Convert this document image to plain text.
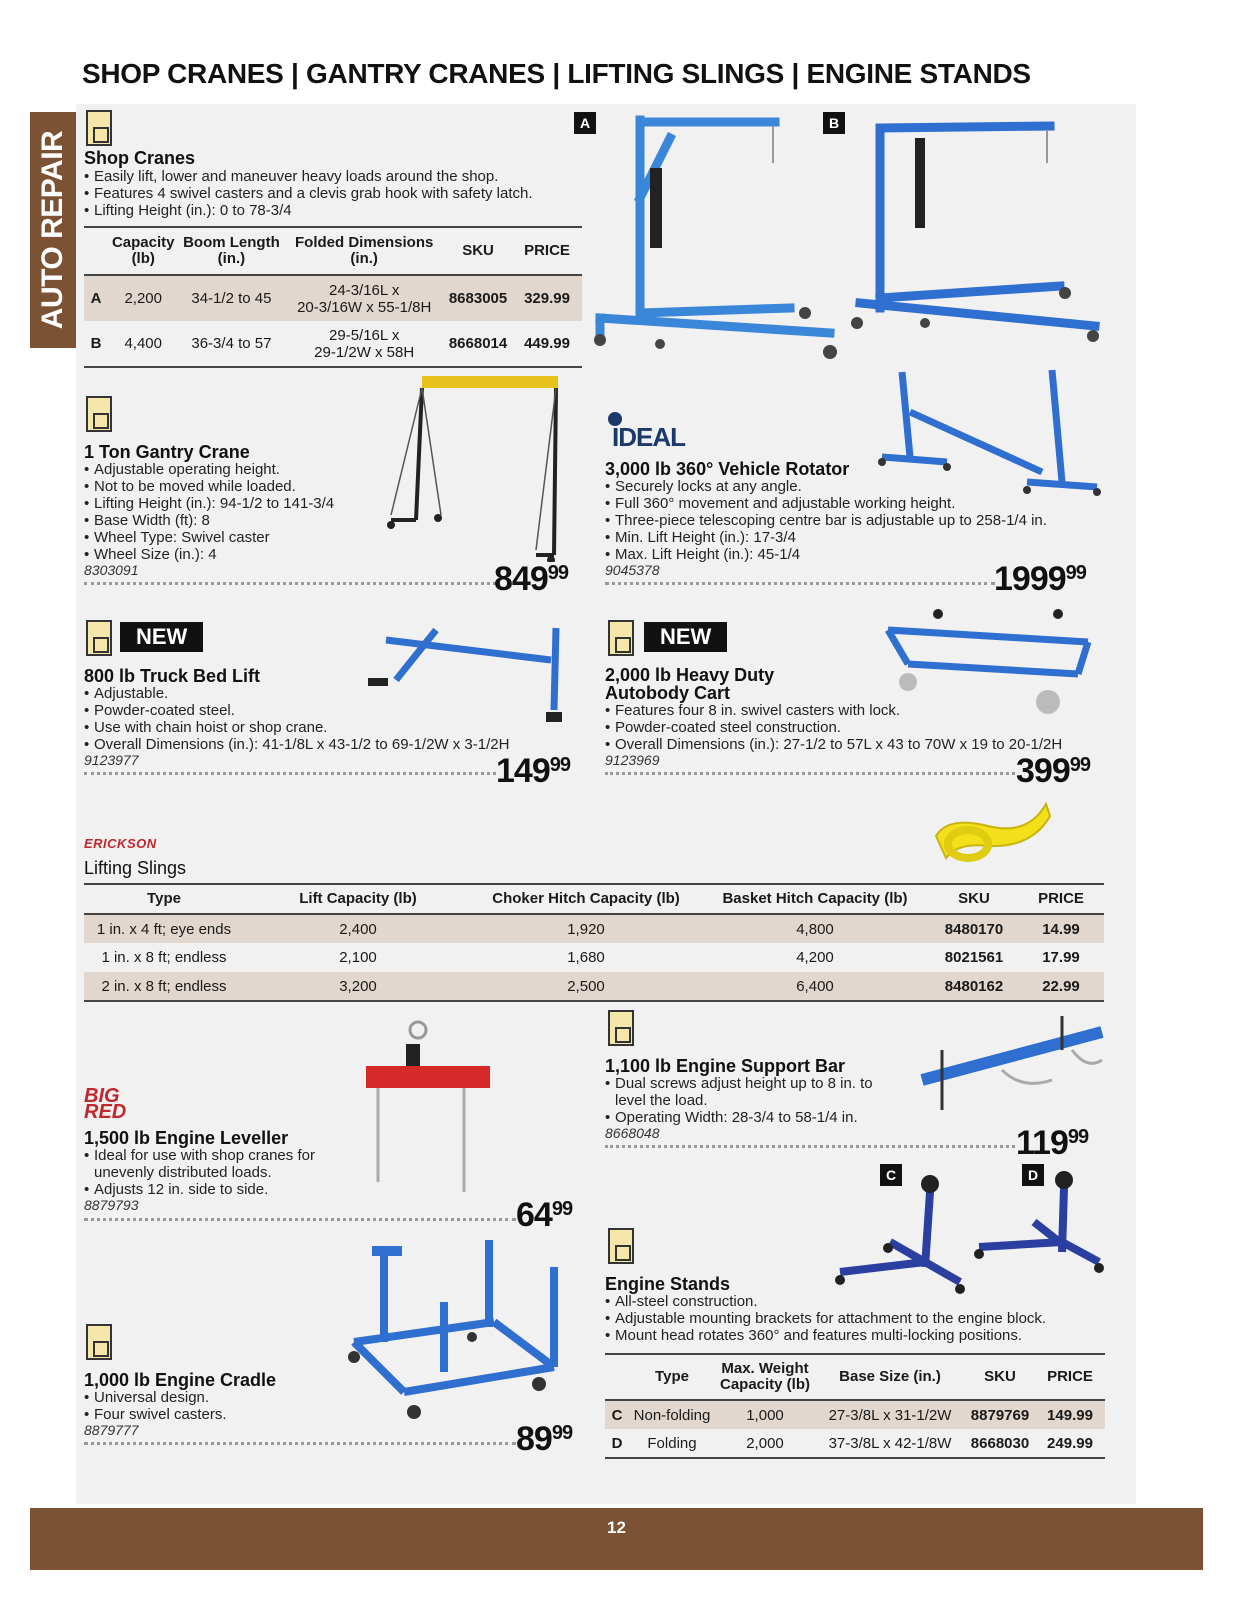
SHOP CRANES | GANTRY CRANES | LIFTING SLINGS | ENGINE STANDS
AUTO REPAIR Shop Cranes
• Easily lift, lower and maneuver heavy loads around the shop.
• Features 4 swivel casters and a clevis grab hook with safety latch.
• Lifting Height (in.): 0 to 78-3/4
	Capacity (lb)	Boom Length (in.)	Folded Dimensions (in.)	SKU	PRICE
A	2,200	34-1/2 to 45	24-3/16L x
20-3/16W x 55-1/8H	8683005	329.99
B	4,400	36-3/4 to 57	29-5/16L x
29-1/2W x 58H	8668014	449.99
A	B
1 Ton Gantry Crane
• Adjustable operating height.
• Not to be moved while loaded.
• Lifting Height (in.): 94-1/2 to 141-3/4
• Base Width (ft): 8
• Wheel Type: Swivel caster
• Wheel Size (in.): 4
8303091	$849^{99}$
IDEAL
3,000 lb 360° Vehicle Rotator
• Securely locks at any angle.
• Full 360° movement and adjustable working height.
• Three-piece telescoping centre bar is adjustable up to 258-1/4 in.
• Min. Lift Height (in.): 17-3/4
• Max. Lift Height (in.): 45-1/4
9045378	1999$^{99}$
NEW
800 lb Truck Bed Lift
• Adjustable.
• Powder-coated steel.
• Use with chain hoist or shop crane.
• Overall Dimensions (in.): 41-1/8L x 43-1/2 to 69-1/2W x 3-1/2H
9123977	$149^{99}$
NEW
2,000 lb Heavy Duty
Autobody Cart
• Features four 8 in. swivel casters with lock.
• Powder-coated steel construction.
• Overall Dimensions (in.): 27-1/2 to 57L x 43 to 70W x 19 to 20-1/2H
9123969	$399^{99}$
ERICKSON
Lifting Slings
Type	Lift Capacity (lb)	Choker Hitch Capacity (lb)	Basket Hitch Capacity (lb)	SKU	PRICE
1 in. x 4 ft; eye ends	2,400	1,920	4,800	8480170	14.99
1 in. x 8 ft; endless	2,100	1,680	4,200	8021561	17.99
2 in. x 8 ft; endless	3,200	2,500	6,400	8480162	22.99
1,100 lb Engine Support Bar
• Dual screws adjust height up to 8 in. to level the load.
• Operating Width: 28-3/4 to 58-1/4 in.
8668048	$119^{99}$
BIG RED
1,500 lb Engine Leveller
• Ideal for use with shop cranes for unevenly distributed loads.
• Adjusts 12 in. side to side.
8879793	$64^{99}$
1,000 lb Engine Cradle
• Universal design.
• Four swivel casters.
8879777	$89^{99}$
C	D
Engine Stands
• All-steel construction.
• Adjustable mounting brackets for attachment to the engine block.
• Mount head rotates 360° and features multi-locking positions.
	Type	Max. Weight Capacity (lb)	Base Size (in.)	SKU	PRICE
C	Non-folding	1,000	27-3/8L x 31-1/2W	8879769	149.99
D	Folding	2,000	37-3/8L x 42-1/8W	8668030	249.99
12
